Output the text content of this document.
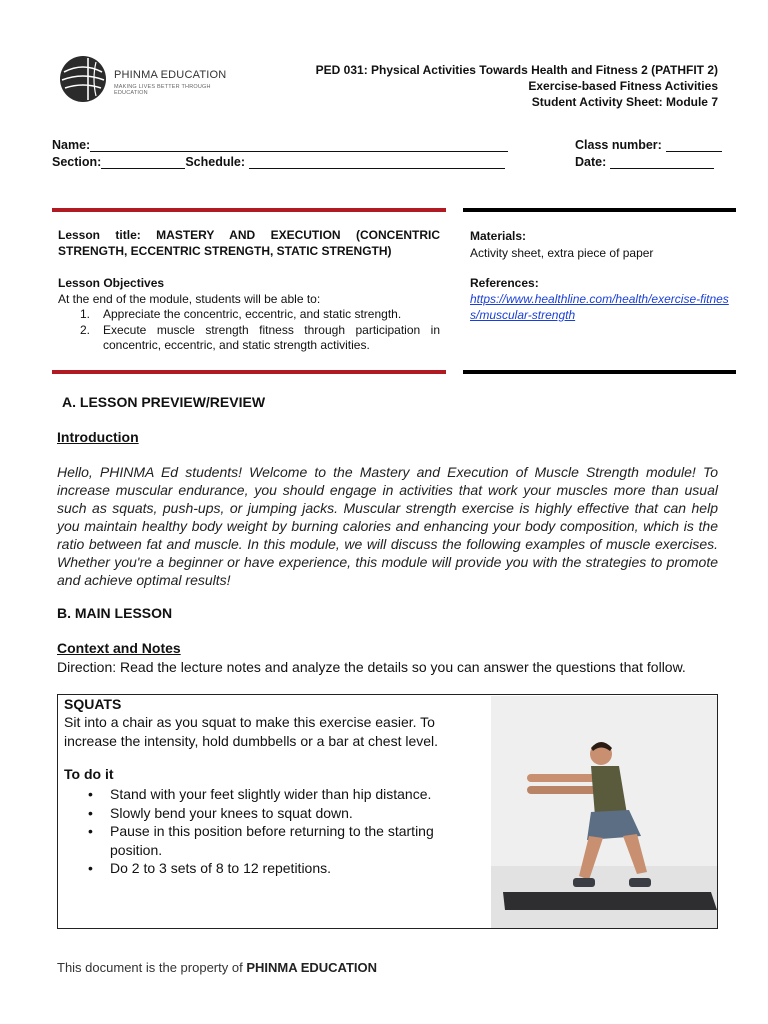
PHINMA EDUCATION
MAKING LIVES BETTER THROUGH EDUCATION
PED 031: Physical Activities Towards Health and Fitness 2 (PATHFIT 2)
Exercise-based Fitness Activities
Student Activity Sheet: Module 7
Name:
Section:	Schedule:
Class number:
Date:
Lesson title: MASTERY AND EXECUTION (CONCENTRIC STRENGTH, ECCENTRIC STRENGTH, STATIC STRENGTH)
Lesson Objectives
At the end of the module, students will be able to:
1. Appreciate the concentric, eccentric, and static strength.
2. Execute muscle strength fitness through participation in concentric, eccentric, and static strength activities.
Materials:
Activity sheet, extra piece of paper
References:
https://www.healthline.com/health/exercise-fitness/muscular-strength
A. LESSON PREVIEW/REVIEW
Introduction
Hello, PHINMA Ed students! Welcome to the Mastery and Execution of Muscle Strength module! To increase muscular endurance, you should engage in activities that work your muscles more than usual such as squats, push-ups, or jumping jacks. Muscular strength exercise is highly effective that can help you maintain healthy body weight by burning calories and enhancing your body composition, which is the ratio between fat and muscle. In this module, we will discuss the following examples of muscle exercises. Whether you're a beginner or have experience, this module will provide you with the strategies to promote and achieve optimal results!
B. MAIN LESSON
Context and Notes
Direction: Read the lecture notes and analyze the details so you can answer the questions that follow.
SQUATS
Sit into a chair as you squat to make this exercise easier. To increase the intensity, hold dumbbells or a bar at chest level.
To do it
• Stand with your feet slightly wider than hip distance.
• Slowly bend your knees to squat down.
• Pause in this position before returning to the starting position.
• Do 2 to 3 sets of 8 to 12 repetitions.
This document is the property of PHINMA EDUCATION
